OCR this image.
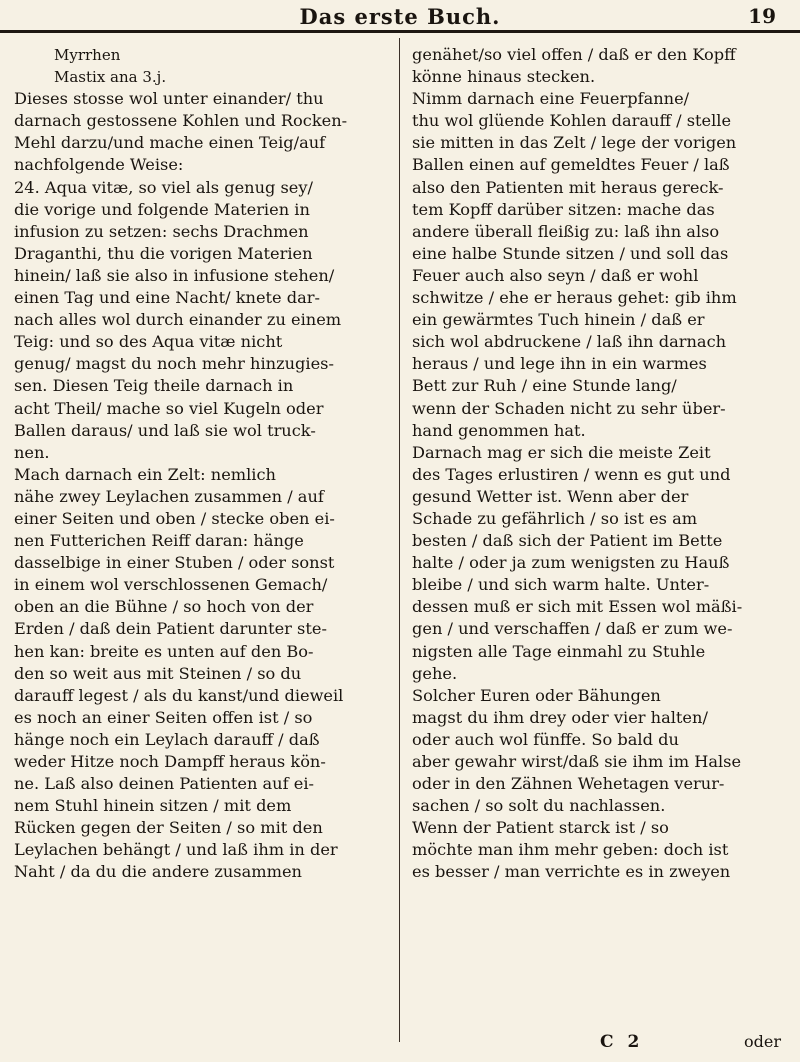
Das erste Buch.	19

Myrrhen

Mastix ana 3.j.

Dieses stosse wol unter einander/ thu
darnach gestossene Kohlen und Rocken-
Mehl darzu/und mache einen Teig/auf
nachfolgende Weise:

24. Aqua vitæ, so viel als genug sey/
die vorige und folgende Materien in
infusion zu setzen: sechs Drachmen
Draganthi, thu die vorigen Materien
hinein/ laß sie also in infusione stehen/
einen Tag und eine Nacht/ knete dar-
nach alles wol durch einander zu einem
Teig: und so des Aqua vitæ nicht
genug/ magst du noch mehr hinzugies-
sen. Diesen Teig theile darnach in
acht Theil/ mache so viel Kugeln oder
Ballen daraus/ und laß sie wol truck-
nen.

Mach darnach ein Zelt: nemlich
nähe zwey Leylachen zusammen / auf
einer Seiten und oben / stecke oben ei-
nen Futterichen Reiff daran: hänge
dasselbige in einer Stuben / oder sonst
in einem wol verschlossenen Gemach/
oben an die Bühne / so hoch von der
Erden / daß dein Patient darunter ste-
hen kan: breite es unten auf den Bo-
den so weit aus mit Steinen / so du
darauff legest / als du kanst/und dieweil
es noch an einer Seiten offen ist / so
hänge noch ein Leylach darauff / daß
weder Hitze noch Dampff heraus kön-
ne. Laß also deinen Patienten auf ei-
nem Stuhl hinein sitzen / mit dem
Rücken gegen der Seiten / so mit den
Leylachen behängt / und laß ihm in der
Naht / da du die andere zusammen

genähet/so viel offen / daß er den Kopff
könne hinaus stecken.

Nimm darnach eine Feuerpfanne/
thu wol glüende Kohlen darauff / stelle
sie mitten in das Zelt / lege der vorigen
Ballen einen auf gemeldtes Feuer / laß
also den Patienten mit heraus gereck-
tem Kopff darüber sitzen: mache das
andere überall fleißig zu: laß ihn also
eine halbe Stunde sitzen / und soll das
Feuer auch also seyn / daß er wohl
schwitze / ehe er heraus gehet: gib ihm
ein gewärmtes Tuch hinein / daß er
sich wol abdruckene / laß ihn darnach
heraus / und lege ihn in ein warmes
Bett zur Ruh / eine Stunde lang/
wenn der Schaden nicht zu sehr über-
hand genommen hat.

Darnach mag er sich die meiste Zeit
des Tages erlustiren / wenn es gut und
gesund Wetter ist. Wenn aber der
Schade zu gefährlich / so ist es am
besten / daß sich der Patient im Bette
halte / oder ja zum wenigsten zu Hauß
bleibe / und sich warm halte. Unter-
dessen muß er sich mit Essen wol mäßi-
gen / und verschaffen / daß er zum we-
nigsten alle Tage einmahl zu Stuhle
gehe.

Solcher Euren oder Bähungen
magst du ihm drey oder vier halten/
oder auch wol fünffe. So bald du
aber gewahr wirst/daß sie ihm im Halse
oder in den Zähnen Wehetagen verur-
sachen / so solt du nachlassen.

Wenn der Patient starck ist / so
möchte man ihm mehr geben: doch ist
es besser / man verrichte es in zweyen

C 2	oder
